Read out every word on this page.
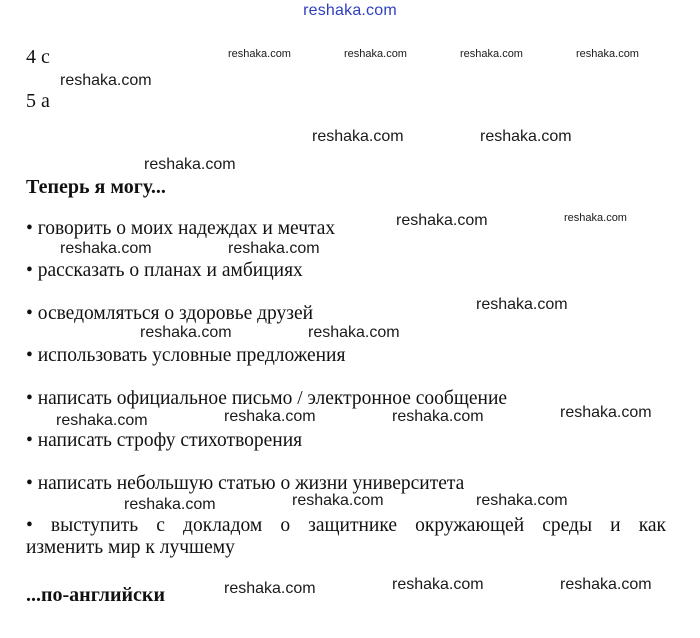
reshaka.com
4 c
5 a
Теперь я могу...
• говорить о моих надеждах и мечтах
• рассказать о планах и амбициях
• осведомляться о здоровье друзей
• использовать условные предложения
• написать официальное письмо / электронное сообщение
• написать строфу стихотворения
• написать небольшую статью о жизни университета
• выступить с докладом о защитнике окружающей среды и как
изменить мир к лучшему
...по-английски
reshaka.com	reshaka.com	reshaka.com	reshaka.com
reshaka.com
reshaka.com	reshaka.com
reshaka.com
reshaka.com	reshaka.com
reshaka.com	reshaka.com
reshaka.com
reshaka.com	reshaka.com
reshaka.com	reshaka.com	reshaka.com	reshaka.com
reshaka.com	reshaka.com	reshaka.com
reshaka.com	reshaka.com	reshaka.com
